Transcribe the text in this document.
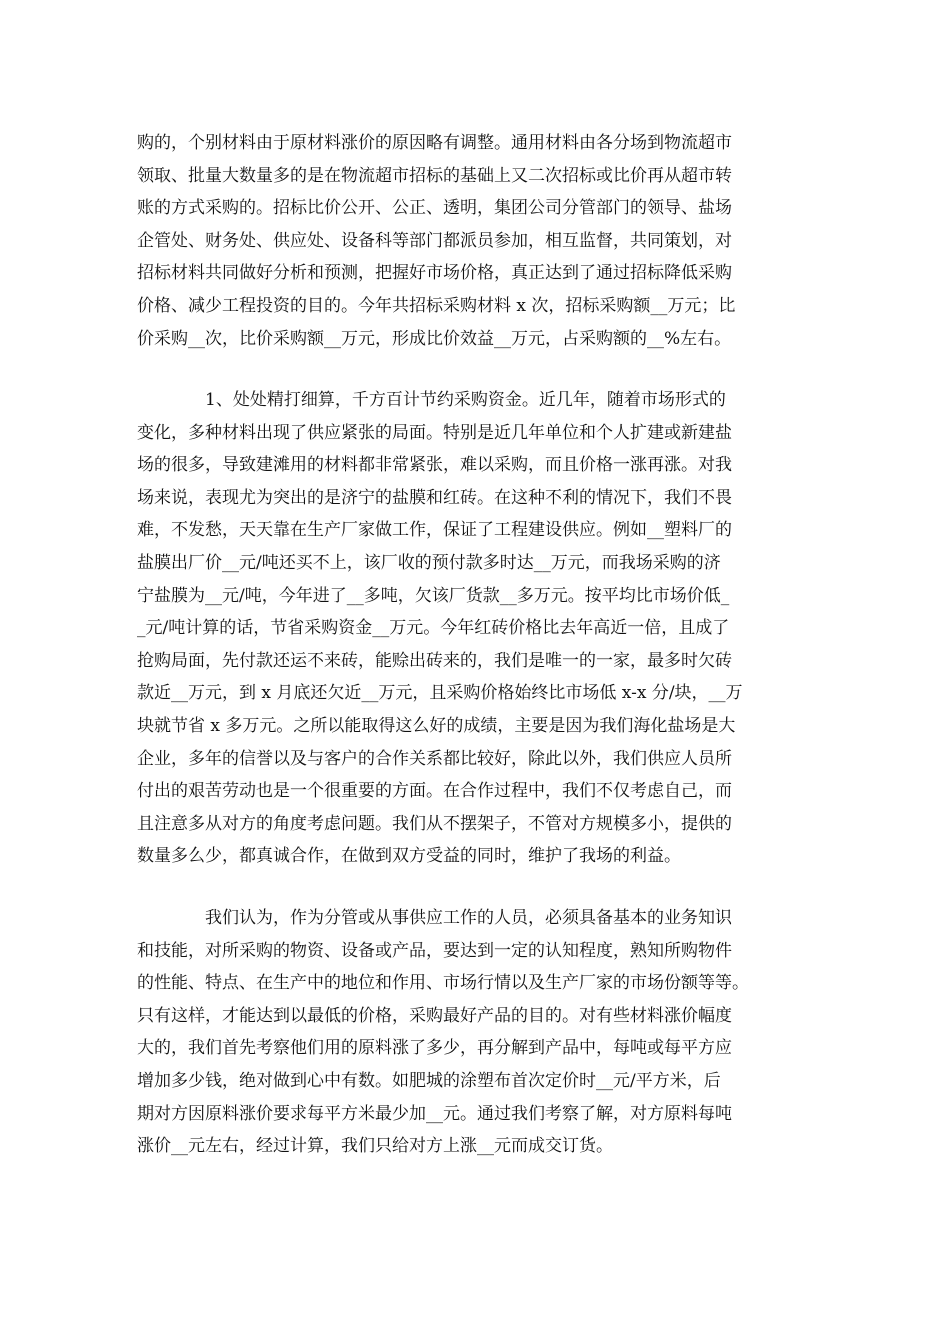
购的，个别材料由于原材料涨价的原因略有调整。通用材料由各分场到物流超市
领取、批量大数量多的是在物流超市招标的基础上又二次招标或比价再从超市转
账的方式采购的。招标比价公开、公正、透明，集团公司分管部门的领导、盐场
企管处、财务处、供应处、设备科等部门都派员参加，相互监督，共同策划，对
招标材料共同做好分析和预测，把握好市场价格，真正达到了通过招标降低采购
价格、减少工程投资的目的。今年共招标采购材料 x 次，招标采购额__万元；比
价采购__次，比价采购额__万元，形成比价效益__万元，占采购额的__%左右。
1、处处精打细算，千方百计节约采购资金。近几年，随着市场形式的
变化，多种材料出现了供应紧张的局面。特别是近几年单位和个人扩建或新建盐
场的很多，导致建滩用的材料都非常紧张，难以采购，而且价格一涨再涨。对我
场来说，表现尤为突出的是济宁的盐膜和红砖。在这种不利的情况下，我们不畏
难，不发愁，天天靠在生产厂家做工作，保证了工程建设供应。例如__塑料厂的
盐膜出厂价__元/吨还买不上，该厂收的预付款多时达__万元，而我场采购的济
宁盐膜为__元/吨，今年进了__多吨，欠该厂货款__多万元。按平均比市场价低_
_元/吨计算的话，节省采购资金__万元。今年红砖价格比去年高近一倍，且成了
抢购局面，先付款还运不来砖，能赊出砖来的，我们是唯一的一家，最多时欠砖
款近__万元，到 x 月底还欠近__万元，且采购价格始终比市场低 x-x 分/块，__万
块就节省 x 多万元。之所以能取得这么好的成绩，主要是因为我们海化盐场是大
企业，多年的信誉以及与客户的合作关系都比较好，除此以外，我们供应人员所
付出的艰苦劳动也是一个很重要的方面。在合作过程中，我们不仅考虑自己，而
且注意多从对方的角度考虑问题。我们从不摆架子，不管对方规模多小，提供的
数量多么少，都真诚合作，在做到双方受益的同时，维护了我场的利益。
我们认为，作为分管或从事供应工作的人员，必须具备基本的业务知识
和技能，对所采购的物资、设备或产品，要达到一定的认知程度，熟知所购物件
的性能、特点、在生产中的地位和作用、市场行情以及生产厂家的市场份额等等。
只有这样，才能达到以最低的价格，采购最好产品的目的。对有些材料涨价幅度
大的，我们首先考察他们用的原料涨了多少，再分解到产品中，每吨或每平方应
增加多少钱，绝对做到心中有数。如肥城的涂塑布首次定价时__元/平方米，后
期对方因原料涨价要求每平方米最少加__元。通过我们考察了解，对方原料每吨
涨价__元左右，经过计算，我们只给对方上涨__元而成交订货。
